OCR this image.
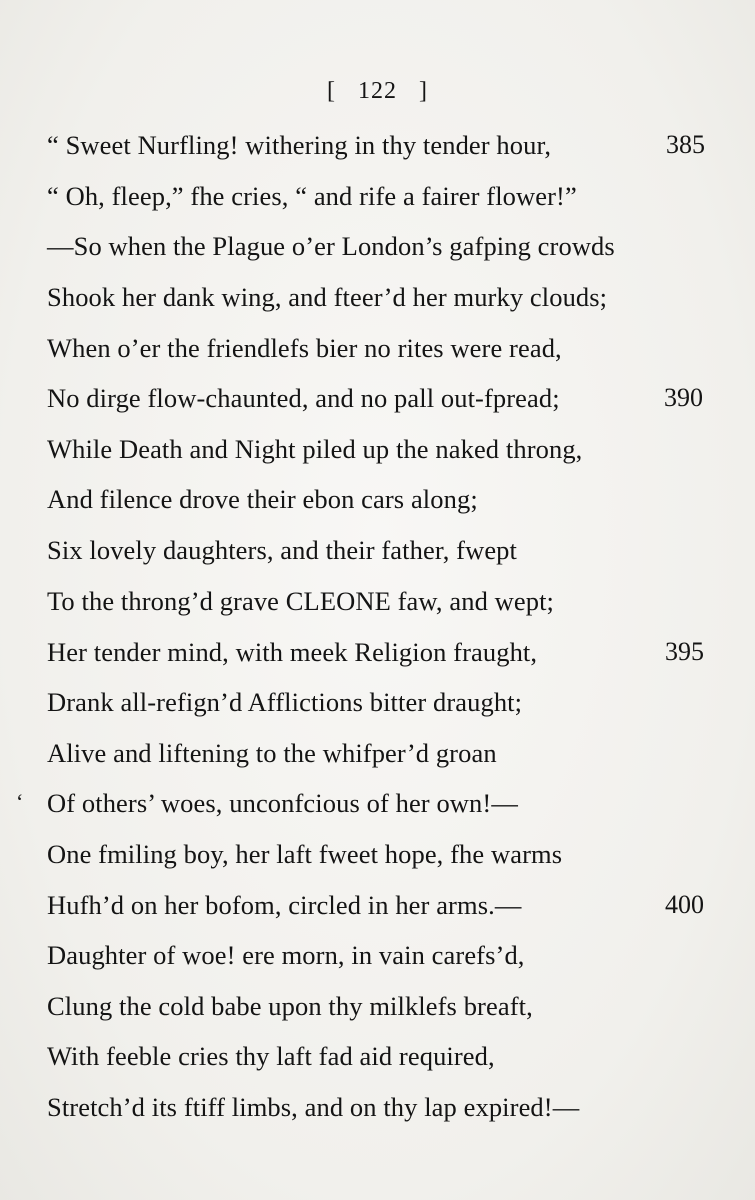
[ 122 ]
“ Sweet Nurfling! withering in thy tender hour,	385
“ Oh, fleep,” fhe cries, “ and rife a fairer flower!”
—So when the Plague o’er London’s gafping crowds
Shook her dank wing, and fteer’d her murky clouds;
When o’er the friendlefs bier no rites were read,
No dirge flow-chaunted, and no pall out-fpread;	390
While Death and Night piled up the naked throng,
And filence drove their ebon cars along;
Six lovely daughters, and their father, fwept
To the throng’d grave CLEONE faw, and wept;
Her tender mind, with meek Religion fraught,	395
Drank all-refign’d Afflictions bitter draught;
Alive and liftening to the whifper’d groan
ʻ Of others’ woes, unconfcious of her own!—
One fmiling boy, her laft fweet hope, fhe warms
Hufh’d on her bofom, circled in her arms.—	400
Daughter of woe! ere morn, in vain carefs’d,
Clung the cold babe upon thy milklefs breaft,
With feeble cries thy laft fad aid required,
Stretch’d its ftiff limbs, and on thy lap expired!—
